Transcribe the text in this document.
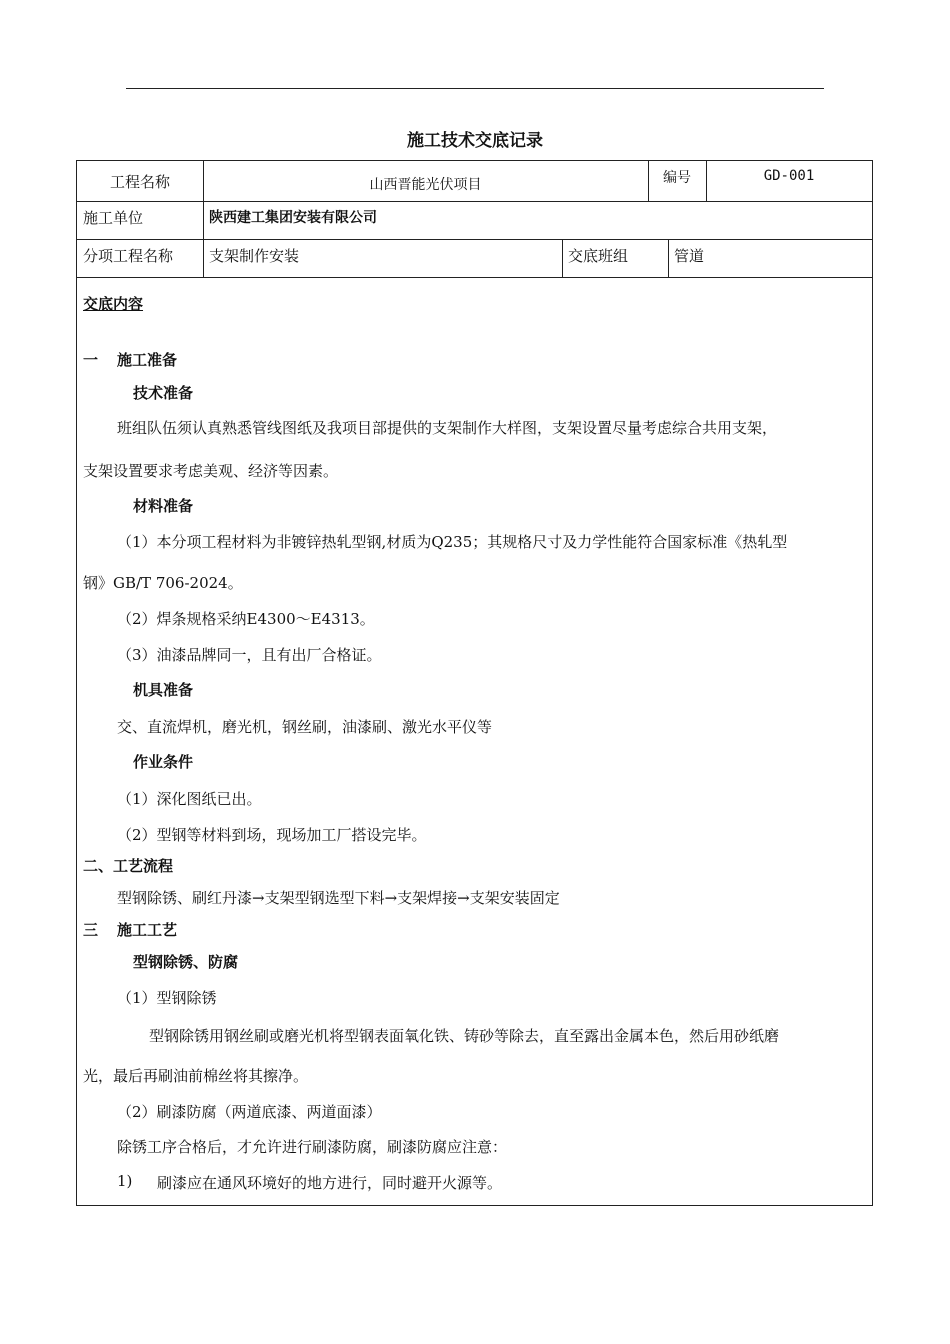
施工技术交底记录
工程名称	山西晋能光伏项目	编号	GD-001
施工单位	陕西建工集团安装有限公司
分项工程名称 支架制作安装	交底班组	管道
交底内容
一 施工准备
技术准备
班组队伍须认真熟悉管线图纸及我项目部提供的支架制作大样图，支架设置尽量考虑综合共用支架，
支架设置要求考虑美观、经济等因素。
材料准备
（1）本分项工程材料为非镀锌热轧型钢,材质为Q235；其规格尺寸及力学性能符合国家标准《热轧型
钢》GB/T 706-2024。
（2）焊条规格采纳E4300～E4313。
（3）油漆品牌同一，且有出厂合格证。
机具准备
交、直流焊机，磨光机，钢丝刷，油漆刷、激光水平仪等
作业条件
（1）深化图纸已出。
（2）型钢等材料到场，现场加工厂搭设完毕。
二、工艺流程
型钢除锈、刷红丹漆→支架型钢选型下料→支架焊接→支架安装固定
三 施工工艺
型钢除锈、防腐
（1）型钢除锈
型钢除锈用钢丝刷或磨光机将型钢表面氧化铁、铸砂等除去，直至露出金属本色，然后用砂纸磨
光，最后再刷油前棉丝将其擦净。
（2）刷漆防腐（两道底漆、两道面漆）
除锈工序合格后，才允许进行刷漆防腐，刷漆防腐应注意：
1) 刷漆应在通风环境好的地方进行，同时避开火源等。
